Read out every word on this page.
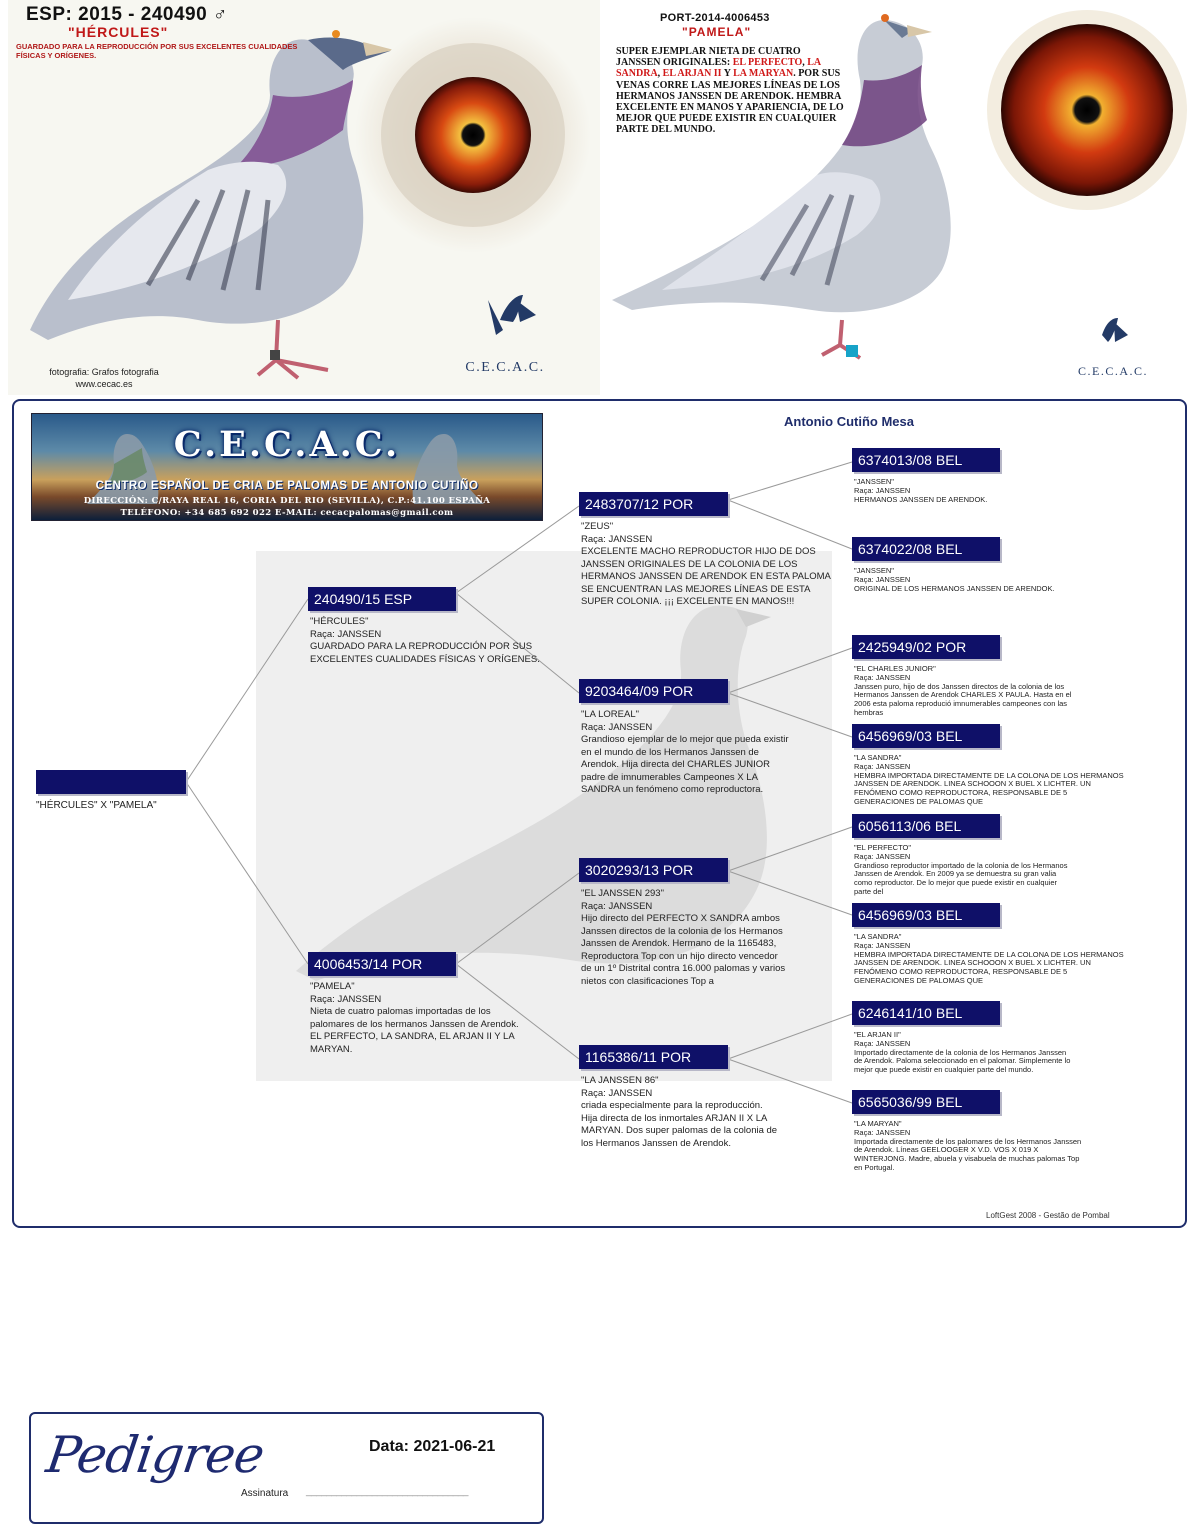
ESP: 2015 - 240490 ♂
"HÉRCULES"
GUARDADO PARA LA REPRODUCCIÓN POR SUS EXCELENTES CUALIDADES FÍSICAS Y ORÍGENES.
fotografia: Grafos fotografia
www.cecac.es
C.E.C.A.C.
PORT-2014-4006453
"PAMELA"
SUPER EJEMPLAR NIETA DE CUATRO JANSSEN ORIGINALES: EL PERFECTO, LA SANDRA, EL ARJAN II Y LA MARYAN. POR SUS VENAS CORRE LAS MEJORES LÍNEAS DE LOS HERMANOS JANSSEN DE ARENDOK. HEMBRA EXCELENTE EN MANOS Y APARIENCIA, DE LO MEJOR QUE PUEDE EXISTIR EN CUALQUIER PARTE DEL MUNDO.
C.E.C.A.C.
Antonio Cutiño Mesa
C.E.C.A.C.
CENTRO ESPAÑOL DE CRIA DE PALOMAS DE ANTONIO CUTIÑO
DIRECCIÓN: C/RAYA REAL 16, CORIA DEL RIO (SEVILLA), C.P.:41.100 ESPAÑA
TELÉFONO: +34 685 692 022 E-MAIL: cecacpalomas@gmail.com
"HÉRCULES" X "PAMELA"
240490/15 ESP
"HÉRCULES"
Raça: JANSSEN
GUARDADO PARA LA REPRODUCCIÓN POR SUS EXCELENTES CUALIDADES FÍSICAS Y ORÍGENES.
4006453/14 POR
"PAMELA"
Raça: JANSSEN
Nieta de cuatro palomas importadas de los palomares de los hermanos Janssen de Arendok. EL PERFECTO, LA SANDRA, EL ARJAN II Y LA MARYAN.
2483707/12 POR
"ZEUS"
Raça: JANSSEN
EXCELENTE MACHO REPRODUCTOR HIJO DE DOS JANSSEN ORIGINALES DE LA COLONIA DE LOS HERMANOS JANSSEN DE ARENDOK EN ESTA PALOMA SE ENCUENTRAN LAS MEJORES LÍNEAS DE ESTA SUPER COLONIA. ¡¡¡ EXCELENTE EN MANOS!!!
9203464/09 POR
"LA LOREAL"
Raça: JANSSEN
Grandioso ejemplar de lo mejor que pueda existir en el mundo de los Hermanos Janssen de Arendok. Hija directa del CHARLES JUNIOR padre de imnumerables Campeones X LA SANDRA un fenómeno como reproductora.
3020293/13 POR
"EL JANSSEN 293"
Raça: JANSSEN
Hijo directo del PERFECTO X SANDRA ambos Janssen directos de la colonia de los Hermanos Janssen de Arendok. Hermano de la 1165483, Reproductora Top con un hijo directo vencedor de un 1º Distrital contra 16.000 palomas y varios nietos con clasificaciones Top a
1165386/11 POR
"LA JANSSEN 86"
Raça: JANSSEN
criada especialmente para la reproducción. Hija directa de los inmortales ARJAN II X LA MARYAN. Dos super palomas de la colonia de los Hermanos Janssen de Arendok.
6374013/08 BEL
"JANSSEN"
Raça: JANSSEN
HERMANOS JANSSEN DE ARENDOK.
6374022/08 BEL
"JANSSEN"
Raça: JANSSEN
ORIGINAL DE LOS HERMANOS JANSSEN DE ARENDOK.
2425949/02 POR
"EL CHARLES JUNIOR"
Raça: JANSSEN
Janssen puro, hijo de dos Janssen directos de la colonia de los Hermanos Janssen de Arendok CHARLES X PAULA. Hasta en el 2006 esta paloma reprodució imnumerables campeones con las hembras
6456969/03 BEL
"LA SANDRA"
Raça: JANSSEN
HEMBRA IMPORTADA DIRECTAMENTE DE LA COLONA DE LOS HERMANOS JANSSEN DE ARENDOK. LINEA SCHOOON X BUEL X LICHTER. UN FENÓMENO COMO REPRODUCTORA, RESPONSABLE DE 5 GENERACIONES DE PALOMAS QUE
6056113/06 BEL
"EL PERFECTO"
Raça: JANSSEN
Grandioso reproductor importado de la colonia de los Hermanos Janssen de Arendok. En 2009 ya se demuestra su gran valia como reproductor. De lo mejor que puede existir en cualquier parte del
6456969/03 BEL
"LA SANDRA"
Raça: JANSSEN
HEMBRA IMPORTADA DIRECTAMENTE DE LA COLONA DE LOS HERMANOS JANSSEN DE ARENDOK. LINEA SCHOOON X BUEL X LICHTER. UN FENÓMENO COMO REPRODUCTORA, RESPONSABLE DE 5 GENERACIONES DE PALOMAS QUE
6246141/10 BEL
"EL ARJAN II"
Raça: JANSSEN
Importado directamente de la colonia de los Hermanos Janssen de Arendok. Paloma seleccionado en el palomar. Simplemente lo mejor que puede existir en cualquier parte del mundo.
6565036/99 BEL
"LA MARYAN"
Raça: JANSSEN
Importada directamente de los palomares de los Hermanos Janssen de Arendok. Líneas GEELOOGER X V.D. VOS X 019 X WINTERJONG. Madre, abuela y visabuela de muchas palomas Top en Portugal.
Pedigree	Data: 2021-06-21
Assinatura ________________________________
LoftGest 2008 - Gestão de Pombal
